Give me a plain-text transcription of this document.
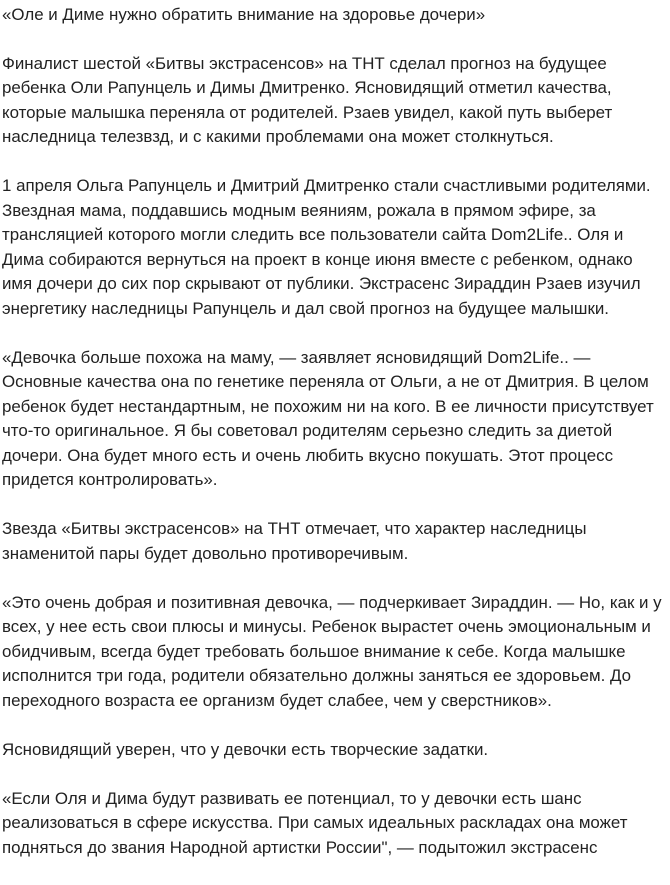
«Оле и Диме нужно обратить внимание на здоровье дочери»

Финалист шестой «Битвы экстрасенсов» на ТНТ сделал прогноз на будущее ребенка Оли Рапунцель и Димы Дмитренко. Ясновидящий отметил качества, которые малышка переняла от родителей. Рзаев увидел, какой путь выберет наследница телезвзд, и с какими проблемами она может столкнуться.

1 апреля Ольга Рапунцель и Дмитрий Дмитренко стали счастливыми родителями. Звездная мама, поддавшись модным веяниям, рожала в прямом эфире, за трансляцией которого могли следить все пользователи сайта Dom2Life.. Оля и Дима собираются вернуться на проект в конце июня вместе с ребенком, однако имя дочери до сих пор скрывают от публики. Экстрасенс Зираддин Рзаев изучил энергетику наследницы Рапунцель и дал свой прогноз на будущее малышки.

«Девочка больше похожа на маму, — заявляет ясновидящий Dom2Life.. — Основные качества она по генетике переняла от Ольги, а не от Дмитрия. В целом ребенок будет нестандартным, не похожим ни на кого. В ее личности присутствует что-то оригинальное. Я бы советовал родителям серьезно следить за диетой дочери. Она будет много есть и очень любить вкусно покушать. Этот процесс придется контролировать».

Звезда «Битвы экстрасенсов» на ТНТ отмечает, что характер наследницы знаменитой пары будет довольно противоречивым.

«Это очень добрая и позитивная девочка, — подчеркивает Зираддин. — Но, как и у всех, у нее есть свои плюсы и минусы. Ребенок вырастет очень эмоциональным и обидчивым, всегда будет требовать большое внимание к себе. Когда малышке исполнится три года, родители обязательно должны заняться ее здоровьем. До переходного возраста ее организм будет слабее, чем у сверстников».

Ясновидящий уверен, что у девочки есть творческие задатки.

«Если Оля и Дима будут развивать ее потенциал, то у девочки есть шанс реализоваться в сфере искусства. При самых идеальных раскладах она может подняться до звания Народной артистки России", — подытожил экстрасенс
